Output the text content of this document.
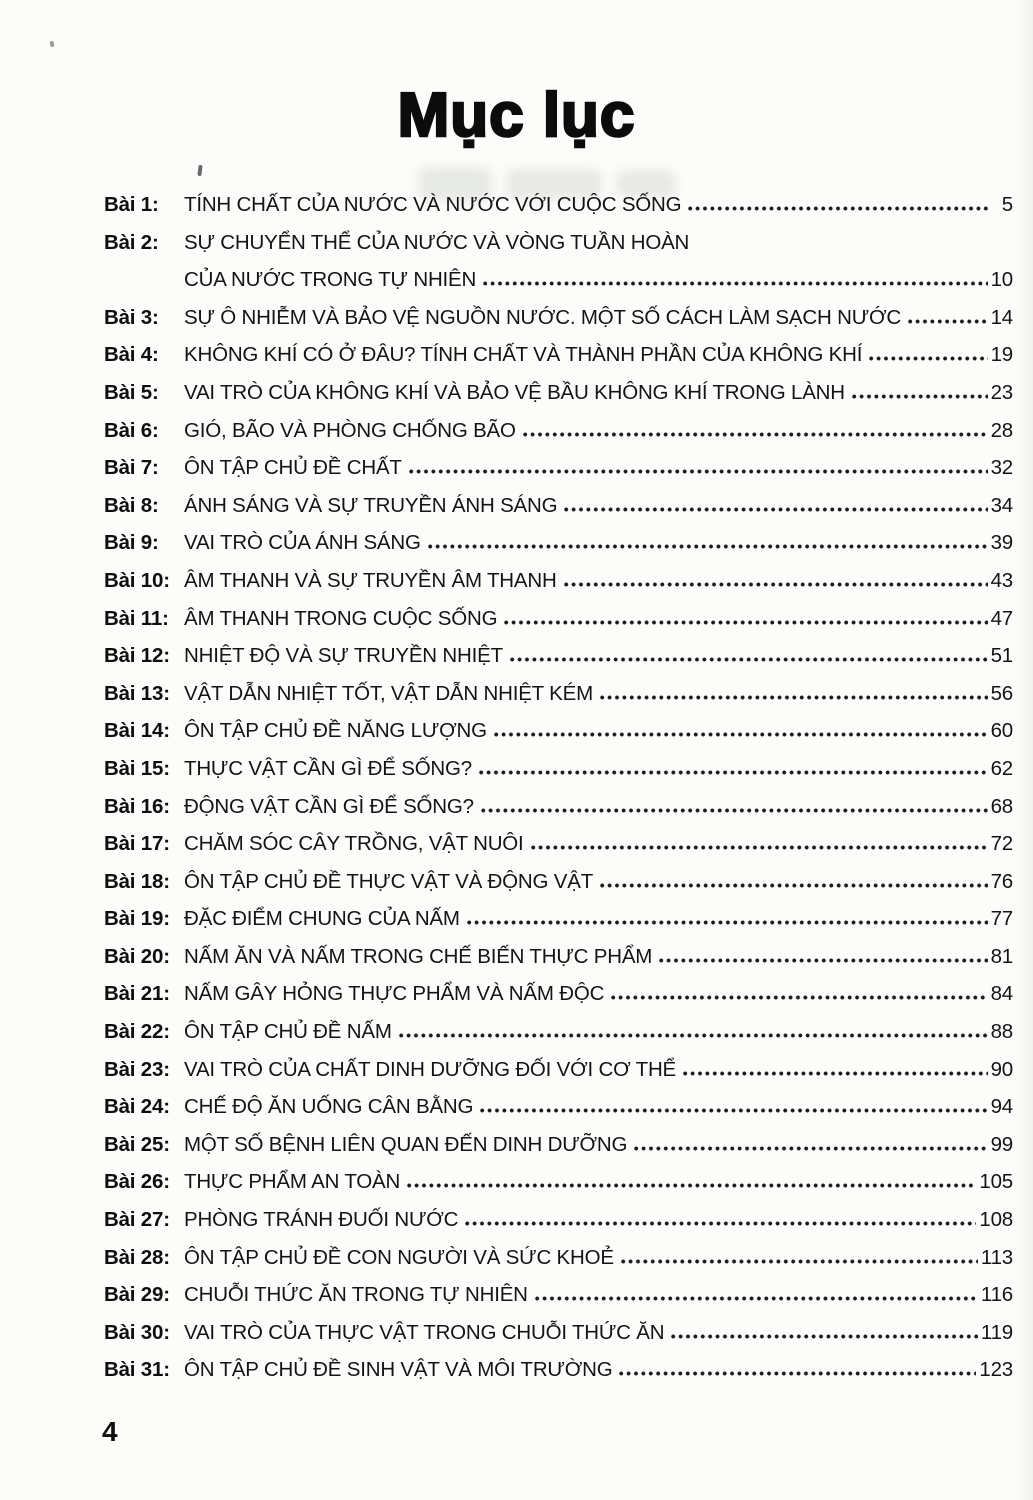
Mục lục
Bài 1:	TÍNH CHẤT CỦA NƯỚC VÀ NƯỚC VỚI CUỘC SỐNG	5
Bài 2:	SỰ CHUYỂN THỂ CỦA NƯỚC VÀ VÒNG TUẦN HOÀN
CỦA NƯỚC TRONG TỰ NHIÊN	10
Bài 3:	SỰ Ô NHIỄM VÀ BẢO VỆ NGUỒN NƯỚC. MỘT SỐ CÁCH LÀM SẠCH NƯỚC	14
Bài 4:	KHÔNG KHÍ CÓ Ở ĐÂU? TÍNH CHẤT VÀ THÀNH PHẦN CỦA KHÔNG KHÍ	19
Bài 5:	VAI TRÒ CỦA KHÔNG KHÍ VÀ BẢO VỆ BẦU KHÔNG KHÍ TRONG LÀNH	23
Bài 6:	GIÓ, BÃO VÀ PHÒNG CHỐNG BÃO	28
Bài 7:	ÔN TẬP CHỦ ĐỀ CHẤT	32
Bài 8:	ÁNH SÁNG VÀ SỰ TRUYỀN ÁNH SÁNG	34
Bài 9:	VAI TRÒ CỦA ÁNH SÁNG	39
Bài 10: ÂM THANH VÀ SỰ TRUYỀN ÂM THANH	43
Bài 11: ÂM THANH TRONG CUỘC SỐNG	47
Bài 12: NHIỆT ĐỘ VÀ SỰ TRUYỀN NHIỆT	51
Bài 13: VẬT DẪN NHIỆT TỐT, VẬT DẪN NHIỆT KÉM	56
Bài 14: ÔN TẬP CHỦ ĐỀ NĂNG LƯỢNG	60
Bài 15: THỰC VẬT CẦN GÌ ĐỂ SỐNG?	62
Bài 16: ĐỘNG VẬT CẦN GÌ ĐỂ SỐNG?	68
Bài 17: CHĂM SÓC CÂY TRỒNG, VẬT NUÔI	72
Bài 18: ÔN TẬP CHỦ ĐỀ THỰC VẬT VÀ ĐỘNG VẬT	76
Bài 19: ĐẶC ĐIỂM CHUNG CỦA NẤM	77
Bài 20: NẤM ĂN VÀ NẤM TRONG CHẾ BIẾN THỰC PHẨM	81
Bài 21: NẤM GÂY HỎNG THỰC PHẨM VÀ NẤM ĐỘC	84
Bài 22: ÔN TẬP CHỦ ĐỀ NẤM	88
Bài 23: VAI TRÒ CỦA CHẤT DINH DƯỠNG ĐỐI VỚI CƠ THỂ	90
Bài 24: CHẾ ĐỘ ĂN UỐNG CÂN BẰNG	94
Bài 25: MỘT SỐ BỆNH LIÊN QUAN ĐẾN DINH DƯỠNG	99
Bài 26: THỰC PHẨM AN TOÀN	105
Bài 27: PHÒNG TRÁNH ĐUỐI NƯỚC	108
Bài 28: ÔN TẬP CHỦ ĐỀ CON NGƯỜI VÀ SỨC KHOẺ	113
Bài 29: CHUỖI THỨC ĂN TRONG TỰ NHIÊN	116
Bài 30: VAI TRÒ CỦA THỰC VẬT TRONG CHUỖI THỨC ĂN	119
Bài 31: ÔN TẬP CHỦ ĐỀ SINH VẬT VÀ MÔI TRƯỜNG	123
4
